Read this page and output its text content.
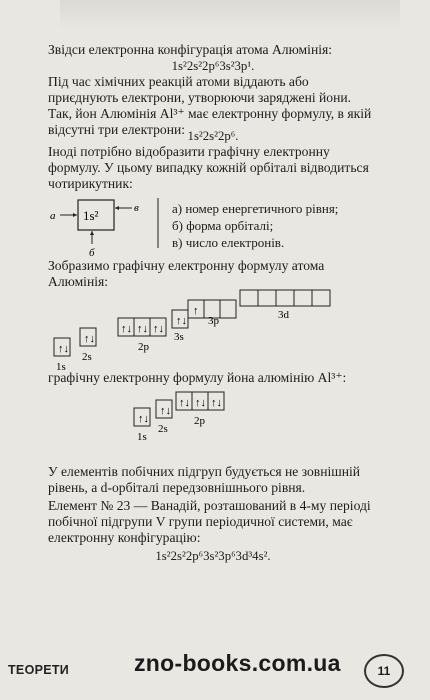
Звідси електронна конфігурація атома Алюмінія:
1s²2s²2p⁶3s²3p¹.
Під час хімічних реакцій атоми віддають або приєднують електрони, утворюючи заряджені йони. Так, йон Алюмінія Al³⁺ має електронну формулу, в якій відсутні три електрони: 1s²2s²2p⁶.
Іноді потрібно відобразити графічну електронну формулу. У цьому випадку кожній орбіталі відводиться чотирикутник:
1s²
а
в
б
а) номер енергетичного рівня;
б) форма орбіталі;
в) число електронів.
Зобразимо графічну електронну формулу атома Алюмінія:
↑↓
1s
↑↓
2s
↑↓ ↑↓ ↑↓
2p
↑↓
3s
↑
3p	3d
графічну електронну формулу йона алюмінію Al³⁺:
↑↓
1s
↑↓
2s
↑↓ ↑↓ ↑↓
2p
У елементів побічних підгруп будується не зовнішній рівень, а d-орбіталі передзовнішнього рівня.
Елемент № 23 — Ванадій, розташований в 4-му періоді побічної підгрупи V групи періодичної системи, має електронну конфігурацію:
1s²2s²2p⁶3s²3p⁶3d³4s².
ТЕОРЕТИ	zno-books.com.ua	11
